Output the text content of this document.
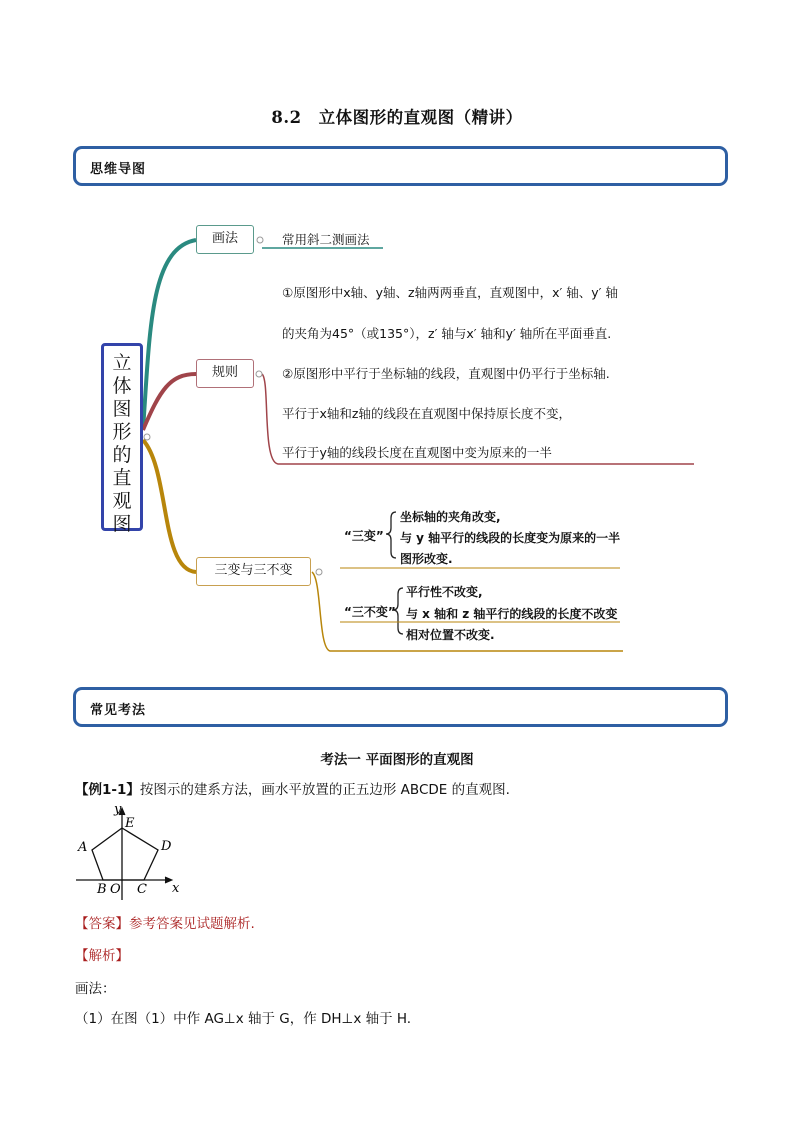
8.2　立体图形的直观图（精讲）
思维导图
立
体
图
形
的
直
观
图
画法	常用斜二测画法
规则
①原图形中x轴、y轴、z轴两两垂直，直观图中，x′ 轴、y′ 轴
的夹角为45°（或135°），z′ 轴与x′ 轴和y′ 轴所在平面垂直.
②原图形中平行于坐标轴的线段，直观图中仍平行于坐标轴.
平行于x轴和z轴的线段在直观图中保持原长度不变，
平行于y轴的线段长度在直观图中变为原来的一半
三变与三不变
“三变”
坐标轴的夹角改变,
与 y 轴平行的线段的长度变为原来的一半
图形改变.
“三不变”
平行性不改变,
与 x 轴和 z 轴平行的线段的长度不改变
相对位置不改变.
常见考法
考法一 平面图形的直观图
【例1-1】按图示的建系方法，画水平放置的正五边形 ABCDE 的直观图.
y
E
A	D
B O C x
【答案】参考答案见试题解析.
【解析】
画法：
（1）在图（1）中作 AG⊥x 轴于 G，作 DH⊥x 轴于 H.
